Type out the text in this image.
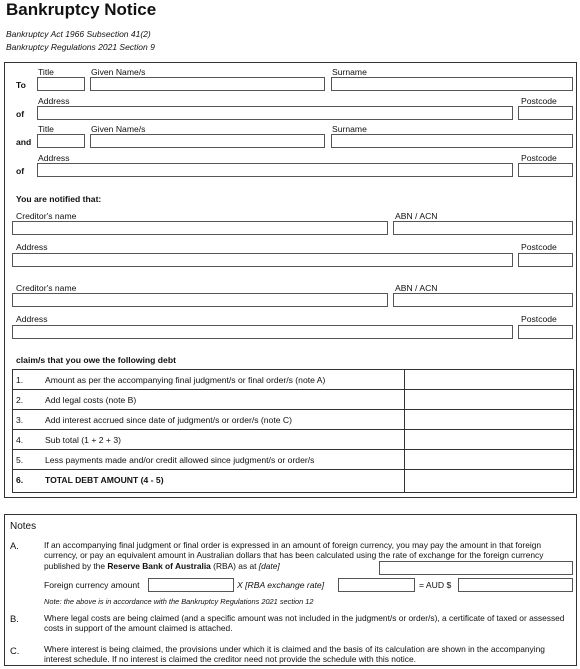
Bankruptcy Notice
Bankruptcy Act 1966 Subsection 41(2)
Bankruptcy Regulations 2021 Section 9
Title	Given Name/s	Surname
To
Address	Postcode
of
Title	Given Name/s	Surname
and
Address	Postcode
of
You are notified that:
Creditor's name	ABN / ACN
Address	Postcode
Creditor's name	ABN / ACN
Address	Postcode
claim/s that you owe the following debt
1.	Amount as per the accompanying final judgment/s or final order/s (note A)
2.	Add legal costs (note B)
3.	Add interest accrued since date of judgment/s or order/s (note C)
4.	Sub total (1 + 2 + 3)
5.	Less payments made and/or credit allowed since judgment/s or order/s
6.	TOTAL DEBT AMOUNT (4 - 5)
Notes
A.	If an accompanying final judgment or final order is expressed in an amount of foreign currency, you may pay the amount in that foreign currency, or pay an equivalent amount in Australian dollars that has been calculated using the rate of exchange for the foreign currency published by the Reserve Bank of Australia (RBA) as at [date]
Foreign currency amount	X [RBA exchange rate]	= AUD $
Note: the above is in accordance with the Bankruptcy Regulations 2021 section 12
B.	Where legal costs are being claimed (and a specific amount was not included in the judgment/s or order/s), a certificate of taxed or assessed costs in support of the amount claimed is attached.
C.	Where interest is being claimed, the provisions under which it is claimed and the basis of its calculation are shown in the accompanying interest schedule. If no interest is claimed the creditor need not provide the schedule with this notice.
